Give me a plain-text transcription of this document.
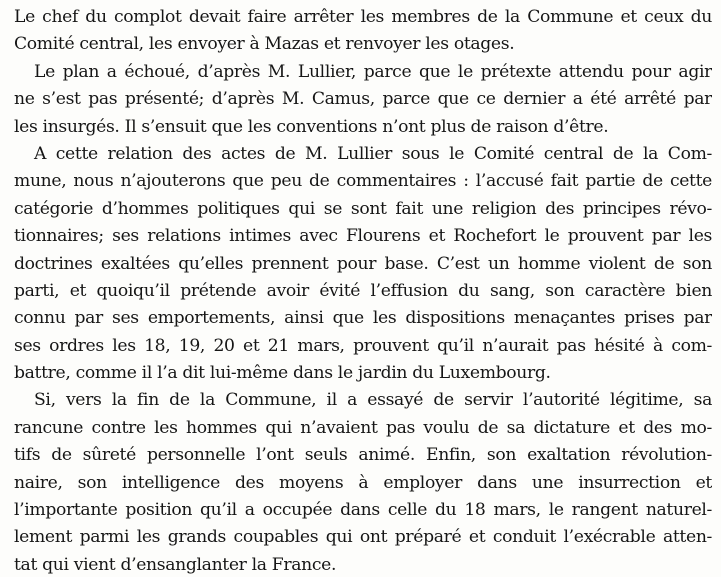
Le chef du complot devait faire arrêter les membres de la Commune et ceux du
Comité central, les envoyer à Mazas et renvoyer les otages.
Le plan a échoué, d’après M. Lullier, parce que le prétexte attendu pour agir
ne s’est pas présenté; d’après M. Camus, parce que ce dernier a été arrêté par
les insurgés. Il s’ensuit que les conventions n’ont plus de raison d’être.
A cette relation des actes de M. Lullier sous le Comité central de la Com-
mune, nous n’ajouterons que peu de commentaires : l’accusé fait partie de cette
catégorie d’hommes politiques qui se sont fait une religion des principes révo-
tionnaires; ses relations intimes avec Flourens et Rochefort le prouvent par les
doctrines exaltées qu’elles prennent pour base. C’est un homme violent de son
parti, et quoiqu’il prétende avoir évité l’effusion du sang, son caractère bien
connu par ses emportements, ainsi que les dispositions menaçantes prises par
ses ordres les 18, 19, 20 et 21 mars, prouvent qu’il n’aurait pas hésité à com-
battre, comme il l’a dit lui-même dans le jardin du Luxembourg.
Si, vers la fin de la Commune, il a essayé de servir l’autorité légitime, sa
rancune contre les hommes qui n’avaient pas voulu de sa dictature et des mo-
tifs de sûreté personnelle l’ont seuls animé. Enfin, son exaltation révolution-
naire, son intelligence des moyens à employer dans une insurrection et
l’importante position qu’il a occupée dans celle du 18 mars, le rangent naturel-
lement parmi les grands coupables qui ont préparé et conduit l’exécrable atten-
tat qui vient d’ensanglanter la France.
